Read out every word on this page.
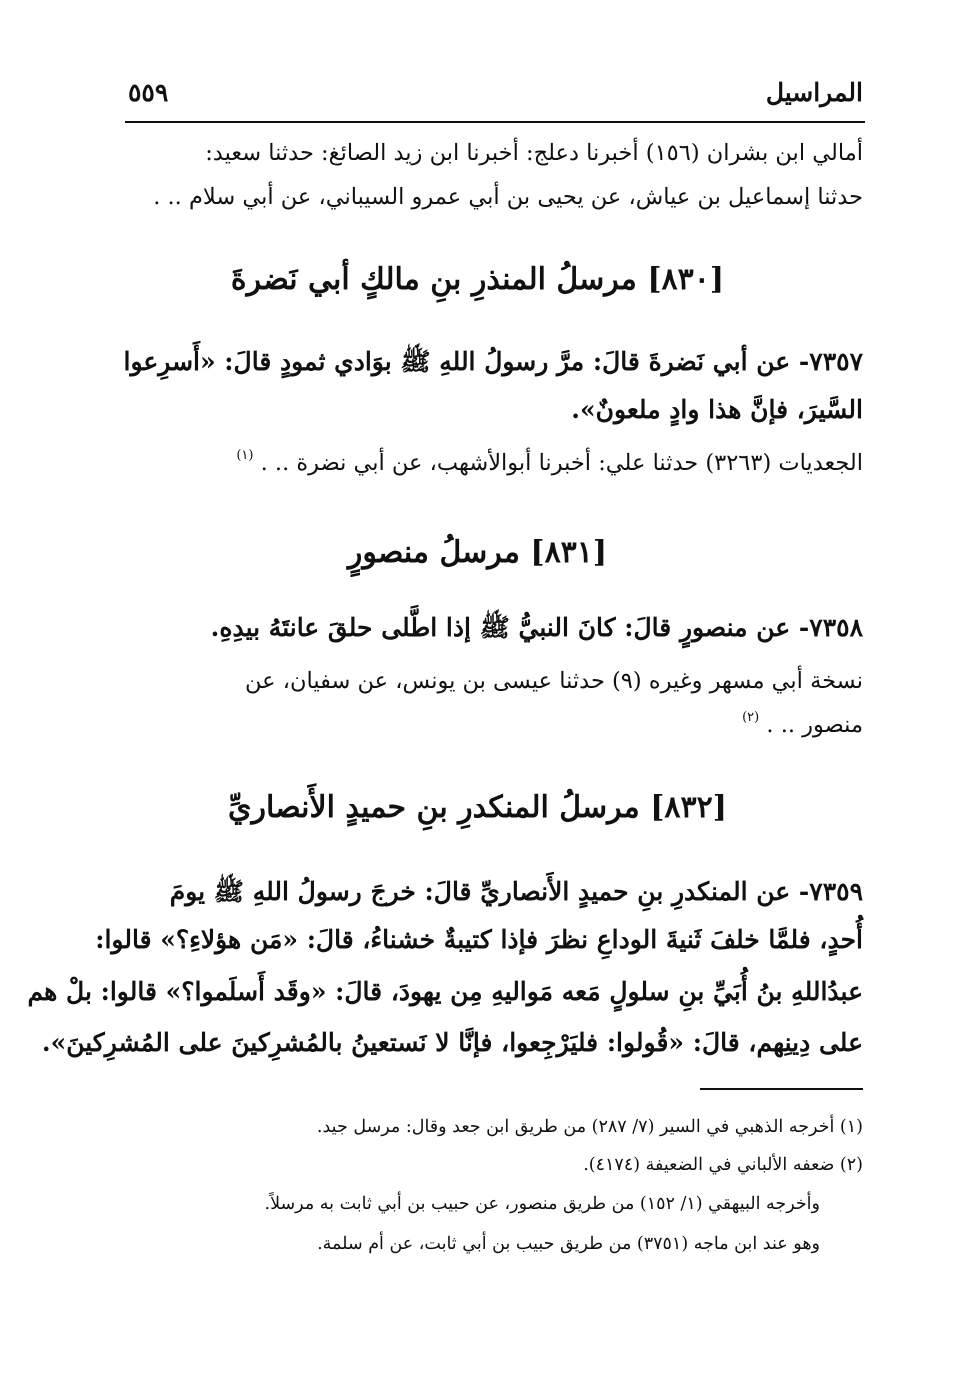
المراسيل
٥٥٩
أمالي ابن بشران (١٥٦) أخبرنا دعلج: أخبرنا ابن زيد الصائغ: حدثنا سعيد:
حدثنا إسماعيل بن عياش، عن يحيى بن أبي عمرو السيباني، عن أبي سلام .. .
[٨٣٠] مرسلُ المنذرِ بنِ مالكٍ أبي نَضرةَ
٧٣٥٧- عن أبي نَضرةَ قالَ: مرَّ رسولُ اللهِ ﷺ بوَادي ثمودٍ قالَ: «أَسرِعوا
السَّيرَ، فإنَّ هذا وادٍ ملعونٌ».
الجعديات (٣٢٦٣) حدثنا علي: أخبرنا أبوالأشهب، عن أبي نضرة .. . $^{(١)}$
[٨٣١] مرسلُ منصورٍ
٧٣٥٨- عن منصورٍ قالَ: كانَ النبيُّ ﷺ إذا اطَّلى حلقَ عانتَهُ بيدِهِ.
نسخة أبي مسهر وغيره (٩) حدثنا عيسى بن يونس، عن سفيان، عن
منصور .. . $^{(٢)}$
[٨٣٢] مرسلُ المنكدرِ بنِ حميدٍ الأَنصاريِّ
٧٣٥٩- عن المنكدرِ بنِ حميدٍ الأَنصاريِّ قالَ: خرجَ رسولُ اللهِ ﷺ يومَ
أُحدٍ، فلمَّا خلفَ ثَنيةَ الوداعِ نظرَ فإذا كتيبةٌ خشناءُ، قالَ: «مَن هؤلاءِ؟» قالوا:
عبدُاللهِ بنُ أُبَيِّ بنِ سلولٍ مَعه مَواليهِ مِن يهودَ، قالَ: «وقَد أَسلَموا؟» قالوا: بلْ هم
على دِينِهم، قالَ: «قُولوا: فليَرْجِعوا، فإنَّا لا نَستعينُ بالمُشرِكينَ على المُشرِكينَ».
(١) أخرجه الذهبي في السير (٧/ ٢٨٧) من طريق ابن جعد وقال: مرسل جيد.
(٢) ضعفه الألباني في الضعيفة (٤١٧٤).
وأخرجه البيهقي (١/ ١٥٢) من طريق منصور، عن حبيب بن أبي ثابت به مرسلاً.
وهو عند ابن ماجه (٣٧٥١) من طريق حبيب بن أبي ثابت، عن أم سلمة.
